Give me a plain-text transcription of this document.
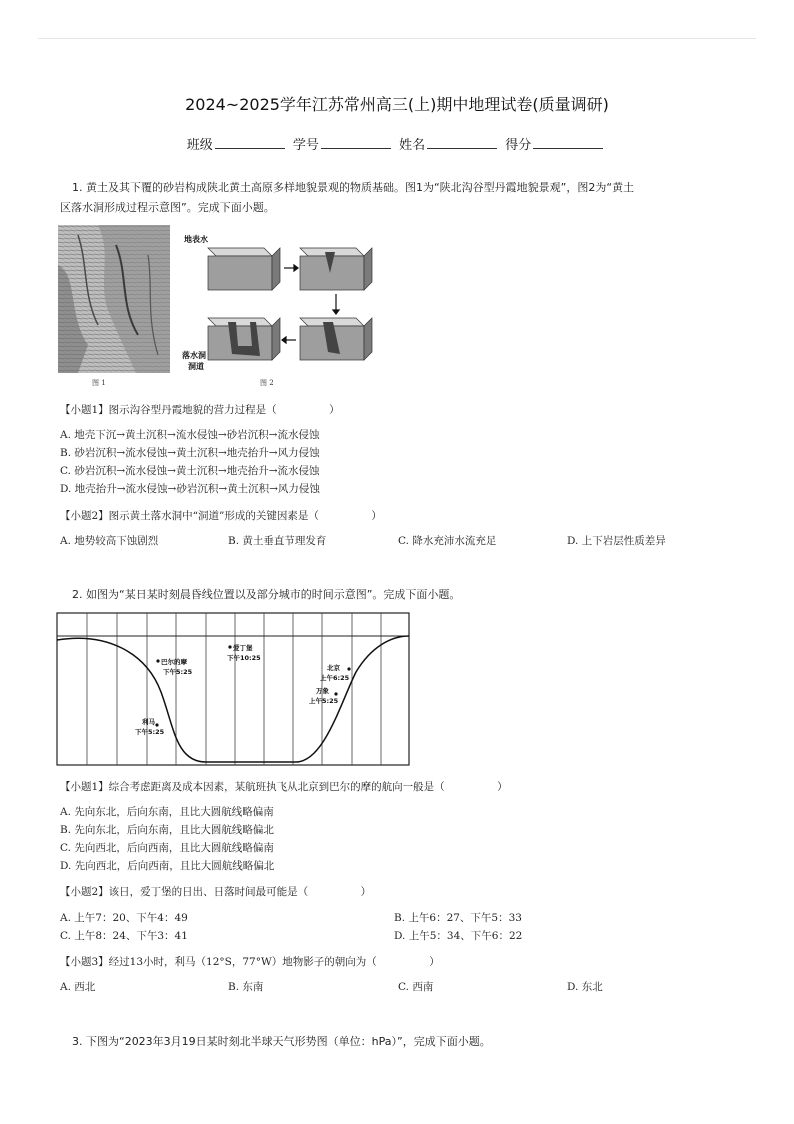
2024~2025学年江苏常州高三(上)期中地理试卷(质量调研)
班级	学号	姓名	得分
1. 黄土及其下覆的砂岩构成陕北黄土高原多样地貌景观的物质基础。图1为“陕北沟谷型丹霞地貌景观”，图2为“黄土
区落水洞形成过程示意图”。完成下面小题。
图 1
地表水
落水洞
洞道
图 2
【小题1】图示沟谷型丹霞地貌的营力过程是（　　　　　）
A. 地壳下沉→黄土沉积→流水侵蚀→砂岩沉积→流水侵蚀
B. 砂岩沉积→流水侵蚀→黄土沉积→地壳抬升→风力侵蚀
C. 砂岩沉积→流水侵蚀→黄土沉积→地壳抬升→流水侵蚀
D. 地壳抬升→流水侵蚀→砂岩沉积→黄土沉积→风力侵蚀
【小题2】图示黄土落水洞中“洞道”形成的关键因素是（　　　　　）
A. 地势较高下蚀剧烈	B. 黄土垂直节理发育	C. 降水充沛水流充足	D. 上下岩层性质差异
2. 如图为“某日某时刻晨昏线位置以及部分城市的时间示意图”。完成下面小题。
巴尔的摩
下午5:25
爱丁堡
下午10:25
北京
上午6:25
万象
上午5:25
利马
下午5:25
【小题1】综合考虑距离及成本因素，某航班执飞从北京到巴尔的摩的航向一般是（　　　　　）
A. 先向东北，后向东南，且比大圆航线略偏南
B. 先向东北，后向东南，且比大圆航线略偏北
C. 先向西北，后向西南，且比大圆航线略偏南
D. 先向西北，后向西南，且比大圆航线略偏北
【小题2】该日，爱丁堡的日出、日落时间最可能是（　　　　　）
A. 上午7：20、下午4：49	B. 上午6：27、下午5：33
C. 上午8：24、下午3：41	D. 上午5：34、下午6：22
【小题3】经过13小时，利马（12°S，77°W）地物影子的朝向为（　　　　　）
A. 西北	B. 东南	C. 西南	D. 东北
3. 下图为“2023年3月19日某时刻北半球天气形势图（单位：hPa）”，完成下面小题。
